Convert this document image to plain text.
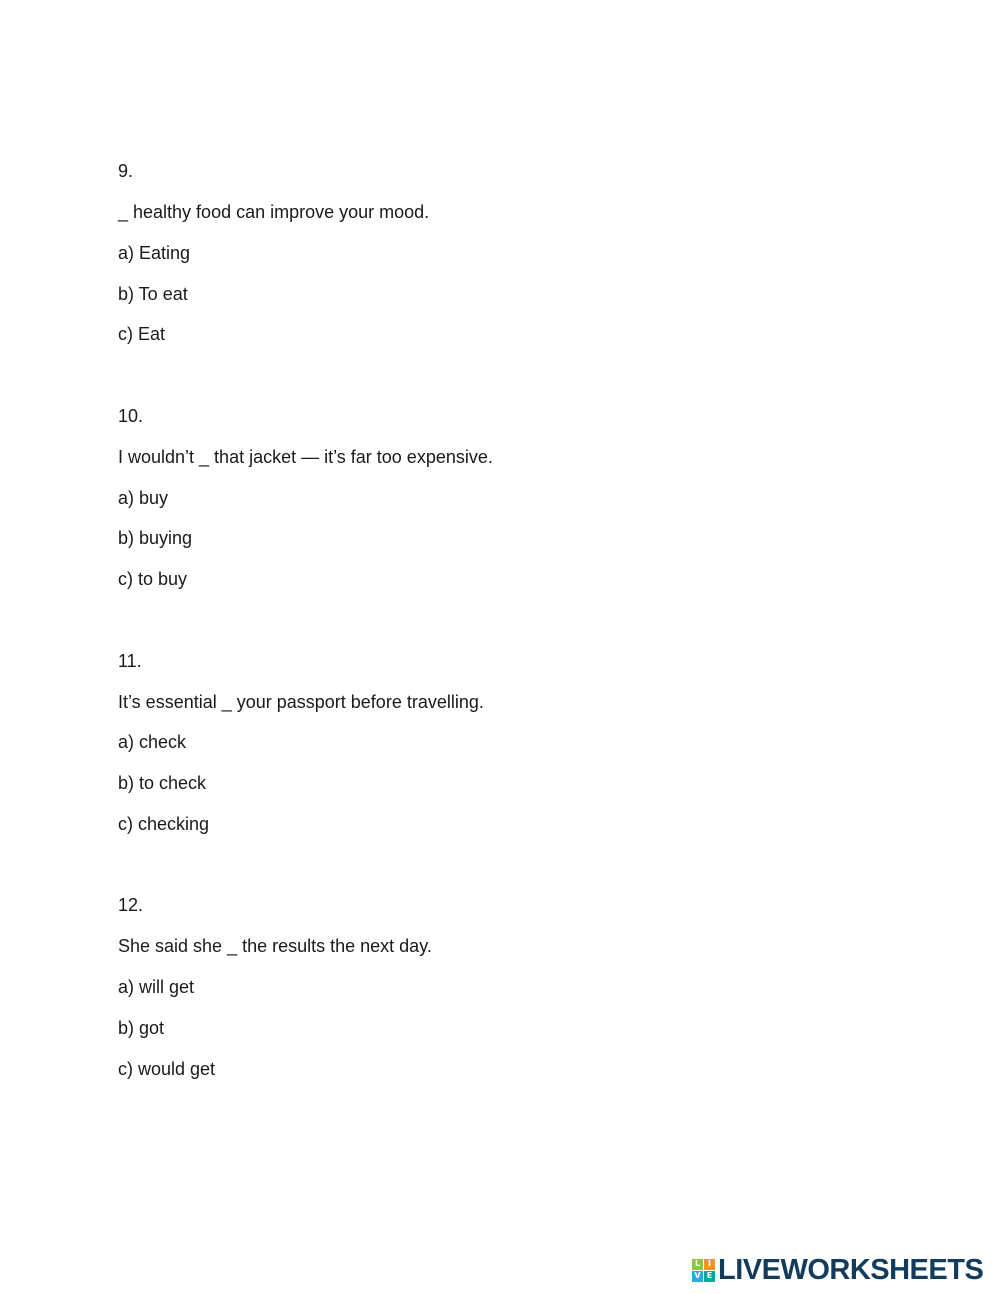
9.
_ healthy food can improve your mood.
a) Eating
b) To eat
c) Eat
10.
I wouldn’t _ that jacket — it’s far too expensive.
a) buy
b) buying
c) to buy
11.
It’s essential _ your passport before travelling.
a) check
b) to check
c) checking
12.
She said she _ the results the next day.
a) will get
b) got
c) would get
L I
V E LIVEWORKSHEETS
